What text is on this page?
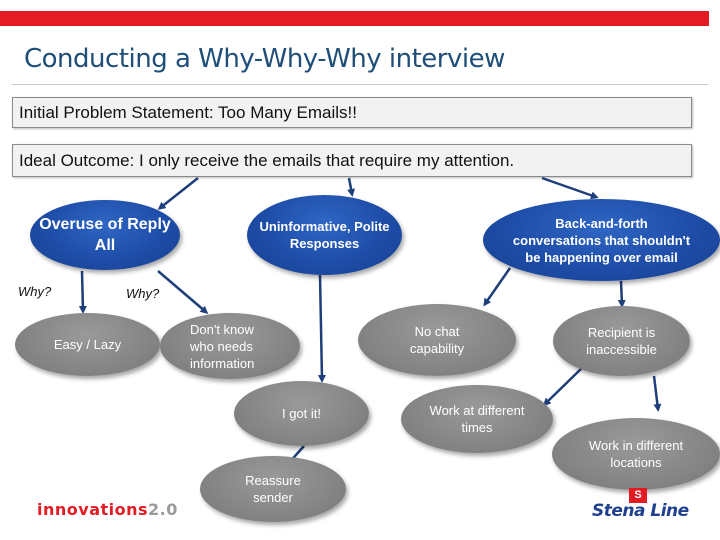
Conducting a Why-Why-Why interview
Initial Problem Statement: Too Many Emails!!
Ideal Outcome: I only receive the emails that require my attention.
Overuse of Reply All
Uninformative, Polite Responses
Back-and-forth conversations that shouldn't be happening over email
Why?	Why?
Easy / Lazy
Don't know who needs information
No chat capability
Recipient is inaccessible
I got it!	Work at different times
Work in different locations
Reassure sender
innovations2.0
S
Stena Line
